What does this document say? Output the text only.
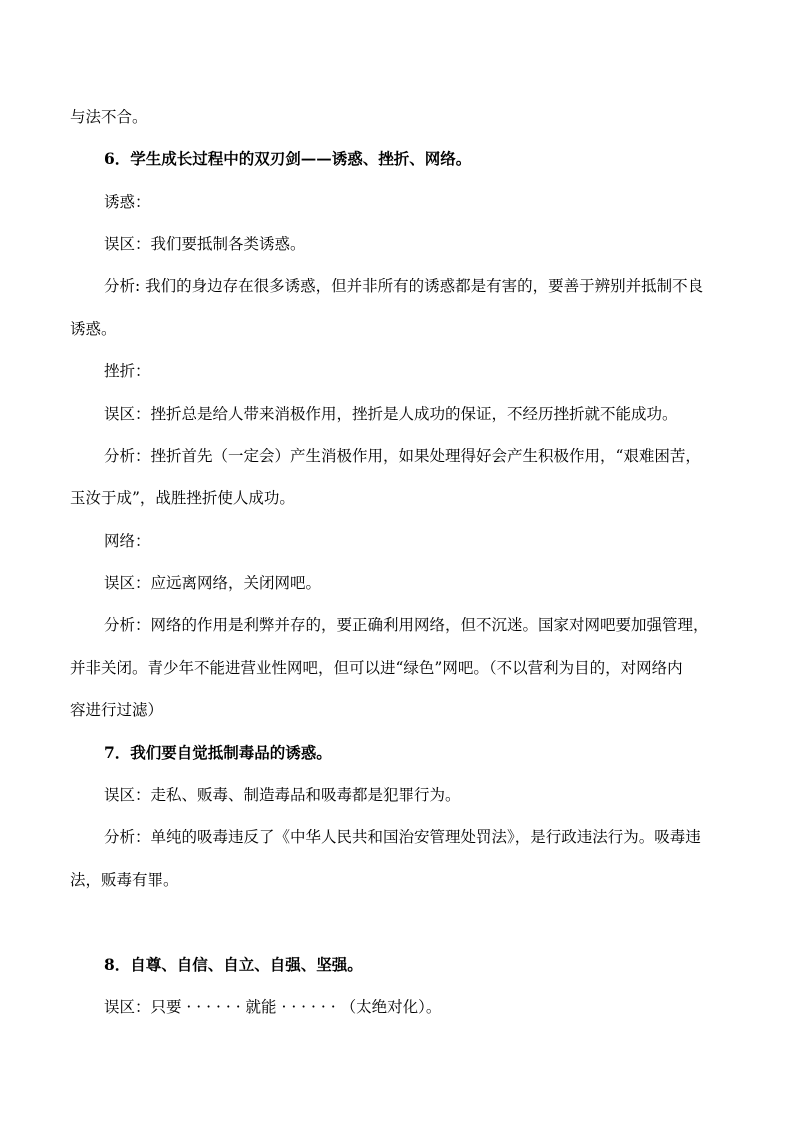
与法不合。
6．学生成长过程中的双刃剑——诱惑、挫折、网络。
诱惑：
误区：我们要抵制各类诱惑。
分析: 我们的身边存在很多诱惑，但并非所有的诱惑都是有害的，要善于辨别并抵制不良
诱惑。
挫折：
误区：挫折总是给人带来消极作用，挫折是人成功的保证，不经历挫折就不能成功。
分析：挫折首先（一定会）产生消极作用，如果处理得好会产生积极作用，“艰难困苦，
玉汝于成”，战胜挫折使人成功。
网络：
误区：应远离网络，关闭网吧。
分析：网络的作用是利弊并存的，要正确利用网络，但不沉迷。国家对网吧要加强管理，
并非关闭。青少年不能进营业性网吧，但可以进“绿色”网吧。（不以营利为目的，对网络内
容进行过滤）
7．我们要自觉抵制毒品的诱惑。
误区：走私、贩毒、制造毒品和吸毒都是犯罪行为。
分析：单纯的吸毒违反了《中华人民共和国治安管理处罚法》，是行政违法行为。吸毒违
法，贩毒有罪。
8．自尊、自信、自立、自强、坚强。
误区：只要 · · · · · · 就能 · · · · · · （太绝对化）。
